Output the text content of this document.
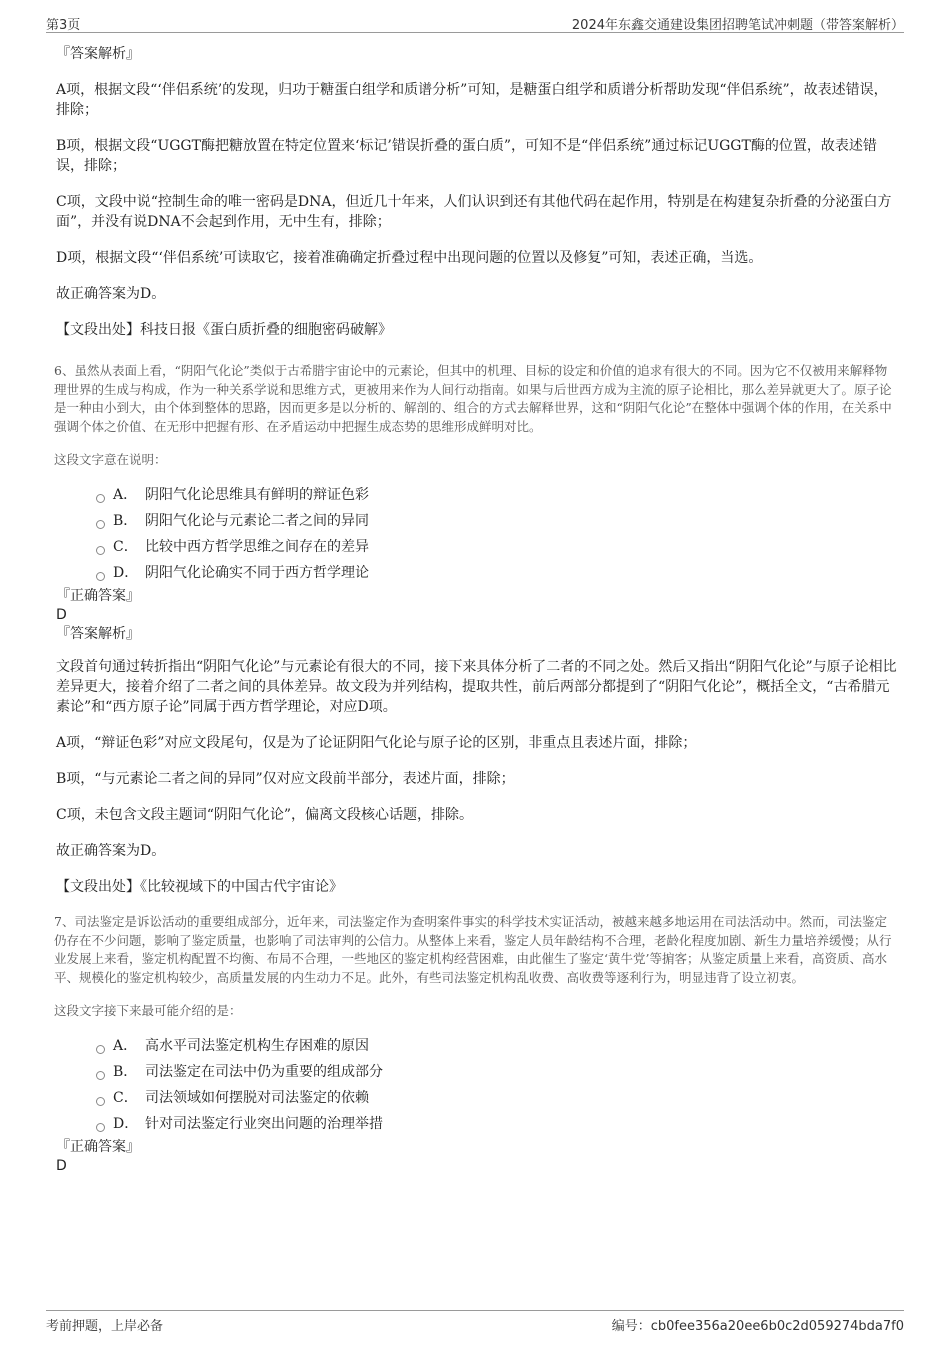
第3页	2024年东鑫交通建设集团招聘笔试冲刺题（带答案解析）

『答案解析』

A项，根据文段“‘伴侣系统’的发现，归功于糖蛋白组学和质谱分析”可知，是糖蛋白组学和质谱分析帮助发现“伴侣系统”，故表述错误，排除；

B项，根据文段“UGGT酶把糖放置在特定位置来‘标记’错误折叠的蛋白质”，可知不是“伴侣系统”通过标记UGGT酶的位置，故表述错误，排除；

C项，文段中说“控制生命的唯一密码是DNA，但近几十年来，人们认识到还有其他代码在起作用，特别是在构建复杂折叠的分泌蛋白方面”，并没有说DNA不会起到作用，无中生有，排除；

D项，根据文段“‘伴侣系统’可读取它，接着准确确定折叠过程中出现问题的位置以及修复”可知，表述正确，当选。

故正确答案为D。

【文段出处】科技日报《蛋白质折叠的细胞密码破解》

6、虽然从表面上看，“阴阳气化论”类似于古希腊宇宙论中的元素论，但其中的机理、目标的设定和价值的追求有很大的不同。因为它不仅被用来解释物理世界的生成与构成，作为一种关系学说和思维方式，更被用来作为人间行动指南。如果与后世西方成为主流的原子论相比，那么差异就更大了。原子论是一种由小到大，由个体到整体的思路，因而更多是以分析的、解剖的、组合的方式去解释世界，这和“阴阳气化论”在整体中强调个体的作用，在关系中强调个体之价值、在无形中把握有形、在矛盾运动中把握生成态势的思维形成鲜明对比。

这段文字意在说明：

A． 阴阳气化论思维具有鲜明的辩证色彩
B． 阴阳气化论与元素论二者之间的异同
C． 比较中西方哲学思维之间存在的差异
D． 阴阳气化论确实不同于西方哲学理论

『正确答案』

D

『答案解析』

文段首句通过转折指出“阴阳气化论”与元素论有很大的不同，接下来具体分析了二者的不同之处。然后又指出“阴阳气化论”与原子论相比差异更大，接着介绍了二者之间的具体差异。故文段为并列结构，提取共性，前后两部分都提到了“阴阳气化论”，概括全文，“古希腊元素论”和“西方原子论”同属于西方哲学理论，对应D项。

A项，“辩证色彩”对应文段尾句，仅是为了论证阴阳气化论与原子论的区别，非重点且表述片面，排除；

B项，“与元素论二者之间的异同”仅对应文段前半部分，表述片面，排除；

C项，未包含文段主题词“阴阳气化论”，偏离文段核心话题，排除。

故正确答案为D。

【文段出处】《比较视域下的中国古代宇宙论》

7、司法鉴定是诉讼活动的重要组成部分，近年来，司法鉴定作为查明案件事实的科学技术实证活动，被越来越多地运用在司法活动中。然而，司法鉴定仍存在不少问题，影响了鉴定质量，也影响了司法审判的公信力。从整体上来看，鉴定人员年龄结构不合理，老龄化程度加剧、新生力量培养缓慢；从行业发展上来看，鉴定机构配置不均衡、布局不合理，一些地区的鉴定机构经营困难，由此催生了鉴定‘黄牛党’等掮客；从鉴定质量上来看，高资质、高水平、规模化的鉴定机构较少，高质量发展的内生动力不足。此外，有些司法鉴定机构乱收费、高收费等逐利行为，明显违背了设立初衷。

这段文字接下来最可能介绍的是：

A． 高水平司法鉴定机构生存困难的原因
B． 司法鉴定在司法中仍为重要的组成部分
C． 司法领域如何摆脱对司法鉴定的依赖
D． 针对司法鉴定行业突出问题的治理举措

『正确答案』

D

考前押题，上岸必备	编号：cb0fee356a20ee6b0c2d059274bda7f0
